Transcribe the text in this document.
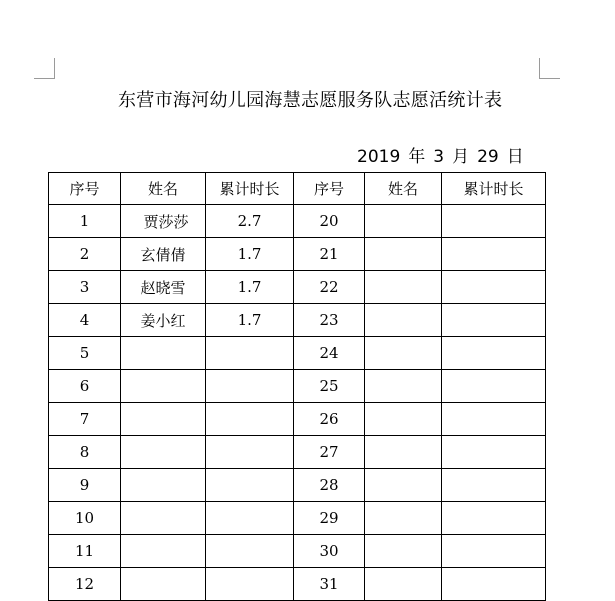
东营市海河幼儿园海慧志愿服务队志愿活统计表
2019 年 3 月 29 日
序号	姓名	累计时长	序号	姓名	累计时长
1	贾莎莎	2.7	20		
2	玄倩倩	1.7	21		
3	赵晓雪	1.7	22		
4	姜小红	1.7	23		
5			24		
6			25		
7			26		
8			27		
9			28		
10			29		
11			30		
12			31		
